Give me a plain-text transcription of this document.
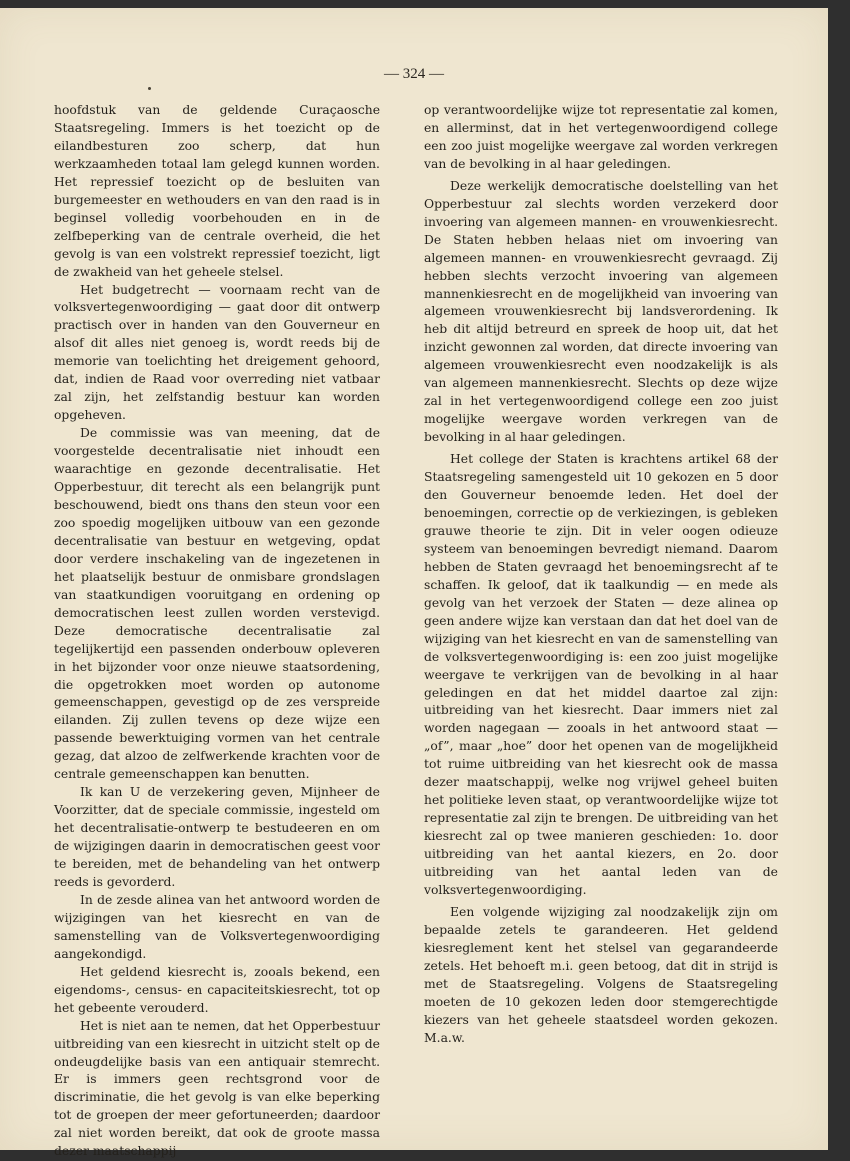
— 324 —

hoofdstuk van de geldende Curaçaosche Staatsregeling. Immers is het toezicht op de eilandbesturen zoo scherp, dat hun werkzaamheden totaal lam gelegd kunnen worden. Het repressief toezicht op de besluiten van burgemeester en wethouders en van den raad is in beginsel volledig voorbehouden en in de zelfbeperking van de centrale overheid, die het gevolg is van een volstrekt repressief toezicht, ligt de zwakheid van het geheele stelsel.

Het budgetrecht — voornaam recht van de volksvertegenwoordiging — gaat door dit ontwerp practisch over in handen van den Gouverneur en alsof dit alles niet genoeg is, wordt reeds bij de memorie van toelichting het dreigement gehoord, dat, indien de Raad voor overreding niet vatbaar zal zijn, het zelfstandig bestuur kan worden opgeheven.

De commissie was van meening, dat de voorgestelde decentralisatie niet inhoudt een waarachtige en gezonde decentralisatie. Het Opperbestuur, dit terecht als een belangrijk punt beschouwend, biedt ons thans den steun voor een zoo spoedig mogelijken uitbouw van een gezonde decentralisatie van bestuur en wetgeving, opdat door verdere inschakeling van de ingezetenen in het plaatselijk bestuur de onmisbare grondslagen van staatkundigen vooruitgang en ordening op democratischen leest zullen worden verstevigd. Deze democratische decentralisatie zal tegelijkertijd een passenden onderbouw opleveren in het bijzonder voor onze nieuwe staatsordening, die opgetrokken moet worden op autonome gemeenschappen, gevestigd op de zes verspreide eilanden. Zij zullen tevens op deze wijze een passende bewerktuiging vormen van het centrale gezag, dat alzoo de zelfwerkende krachten voor de centrale gemeenschappen kan benutten.

Ik kan U de verzekering geven, Mijnheer de Voorzitter, dat de speciale commissie, ingesteld om het decentralisatie-ontwerp te bestudeeren en om de wijzigingen daarin in democratischen geest voor te bereiden, met de behandeling van het ontwerp reeds is gevorderd.

In de zesde alinea van het antwoord worden de wijzigingen van het kiesrecht en van de samenstelling van de Volksvertegenwoordiging aangekondigd.

Het geldend kiesrecht is, zooals bekend, een eigendoms-, census- en capaciteitskiesrecht, tot op het gebeente verouderd.

Het is niet aan te nemen, dat het Opperbestuur uitbreiding van een kiesrecht in uitzicht stelt op de ondeugdelijke basis van een antiquair stemrecht. Er is immers geen rechtsgrond voor de discriminatie, die het gevolg is van elke beperking tot de groepen der meer gefortuneerden; daardoor zal niet worden bereikt, dat ook de groote massa dezer maatschappij

op verantwoordelijke wijze tot representatie zal komen, en allerminst, dat in het vertegenwoordigend college een zoo juist mogelijke weergave zal worden verkregen van de bevolking in al haar geledingen.

Deze werkelijk democratische doelstelling van het Opperbestuur zal slechts worden verzekerd door invoering van algemeen mannen- en vrouwenkiesrecht. De Staten hebben helaas niet om invoering van algemeen mannen- en vrouwenkiesrecht gevraagd. Zij hebben slechts verzocht invoering van algemeen mannenkiesrecht en de mogelijkheid van invoering van algemeen vrouwenkiesrecht bij landsverordening. Ik heb dit altijd betreurd en spreek de hoop uit, dat het inzicht gewonnen zal worden, dat directe invoering van algemeen vrouwenkiesrecht even noodzakelijk is als van algemeen mannenkiesrecht. Slechts op deze wijze zal in het vertegenwoordigend college een zoo juist mogelijke weergave worden verkregen van de bevolking in al haar geledingen.

Het college der Staten is krachtens artikel 68 der Staatsregeling samengesteld uit 10 gekozen en 5 door den Gouverneur benoemde leden. Het doel der benoemingen, correctie op de verkiezingen, is gebleken grauwe theorie te zijn. Dit in veler oogen odieuze systeem van benoemingen bevredigt niemand. Daarom hebben de Staten gevraagd het benoemingsrecht af te schaffen. Ik geloof, dat ik taalkundig — en mede als gevolg van het verzoek der Staten — deze alinea op geen andere wijze kan verstaan dan dat het doel van de wijziging van het kiesrecht en van de samenstelling van de volksvertegenwoordiging is: een zoo juist mogelijke weergave te verkrijgen van de bevolking in al haar geledingen en dat het middel daartoe zal zijn: uitbreiding van het kiesrecht. Daar immers niet zal worden nagegaan — zooals in het antwoord staat — „of”, maar „hoe” door het openen van de mogelijkheid tot ruime uitbreiding van het kiesrecht ook de massa dezer maatschappij, welke nog vrijwel geheel buiten het politieke leven staat, op verantwoordelijke wijze tot representatie zal zijn te brengen. De uitbreiding van het kiesrecht zal op twee manieren geschieden: 1o. door uitbreiding van het aantal kiezers, en 2o. door uitbreiding van het aantal leden van de volksvertegenwoordiging.

Een volgende wijziging zal noodzakelijk zijn om bepaalde zetels te garandeeren. Het geldend kiesreglement kent het stelsel van gegarandeerde zetels. Het behoeft m.i. geen betoog, dat dit in strijd is met de Staatsregeling. Volgens de Staatsregeling moeten de 10 gekozen leden door stemgerechtigde kiezers van het geheele staatsdeel worden gekozen. M.a.w.
